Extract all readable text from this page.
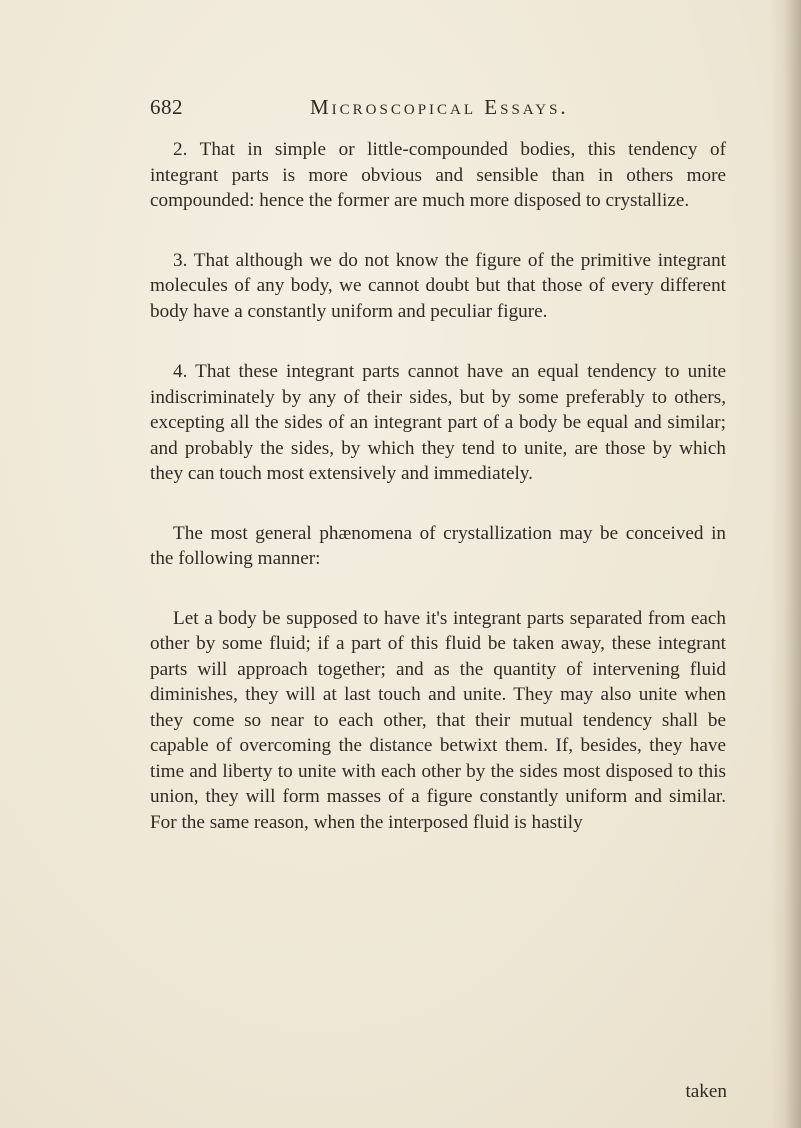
682	Microscopical Essays.

2. That in simple or little-compounded bodies, this tendency of integrant parts is more obvious and sensible than in others more compounded: hence the former are much more disposed to crystallize.

3. That although we do not know the figure of the primitive integrant molecules of any body, we cannot doubt but that those of every different body have a constantly uniform and peculiar figure.

4. That these integrant parts cannot have an equal tendency to unite indiscriminately by any of their sides, but by some preferably to others, excepting all the sides of an integrant part of a body be equal and similar; and probably the sides, by which they tend to unite, are those by which they can touch most extensively and immediately.

The most general phænomena of crystallization may be conceived in the following manner:

Let a body be supposed to have it's integrant parts separated from each other by some fluid; if a part of this fluid be taken away, these integrant parts will approach together; and as the quantity of intervening fluid diminishes, they will at last touch and unite. They may also unite when they come so near to each other, that their mutual tendency shall be capable of overcoming the distance betwixt them. If, besides, they have time and liberty to unite with each other by the sides most disposed to this union, they will form masses of a figure constantly uniform and similar. For the same reason, when the interposed fluid is hastily

taken
